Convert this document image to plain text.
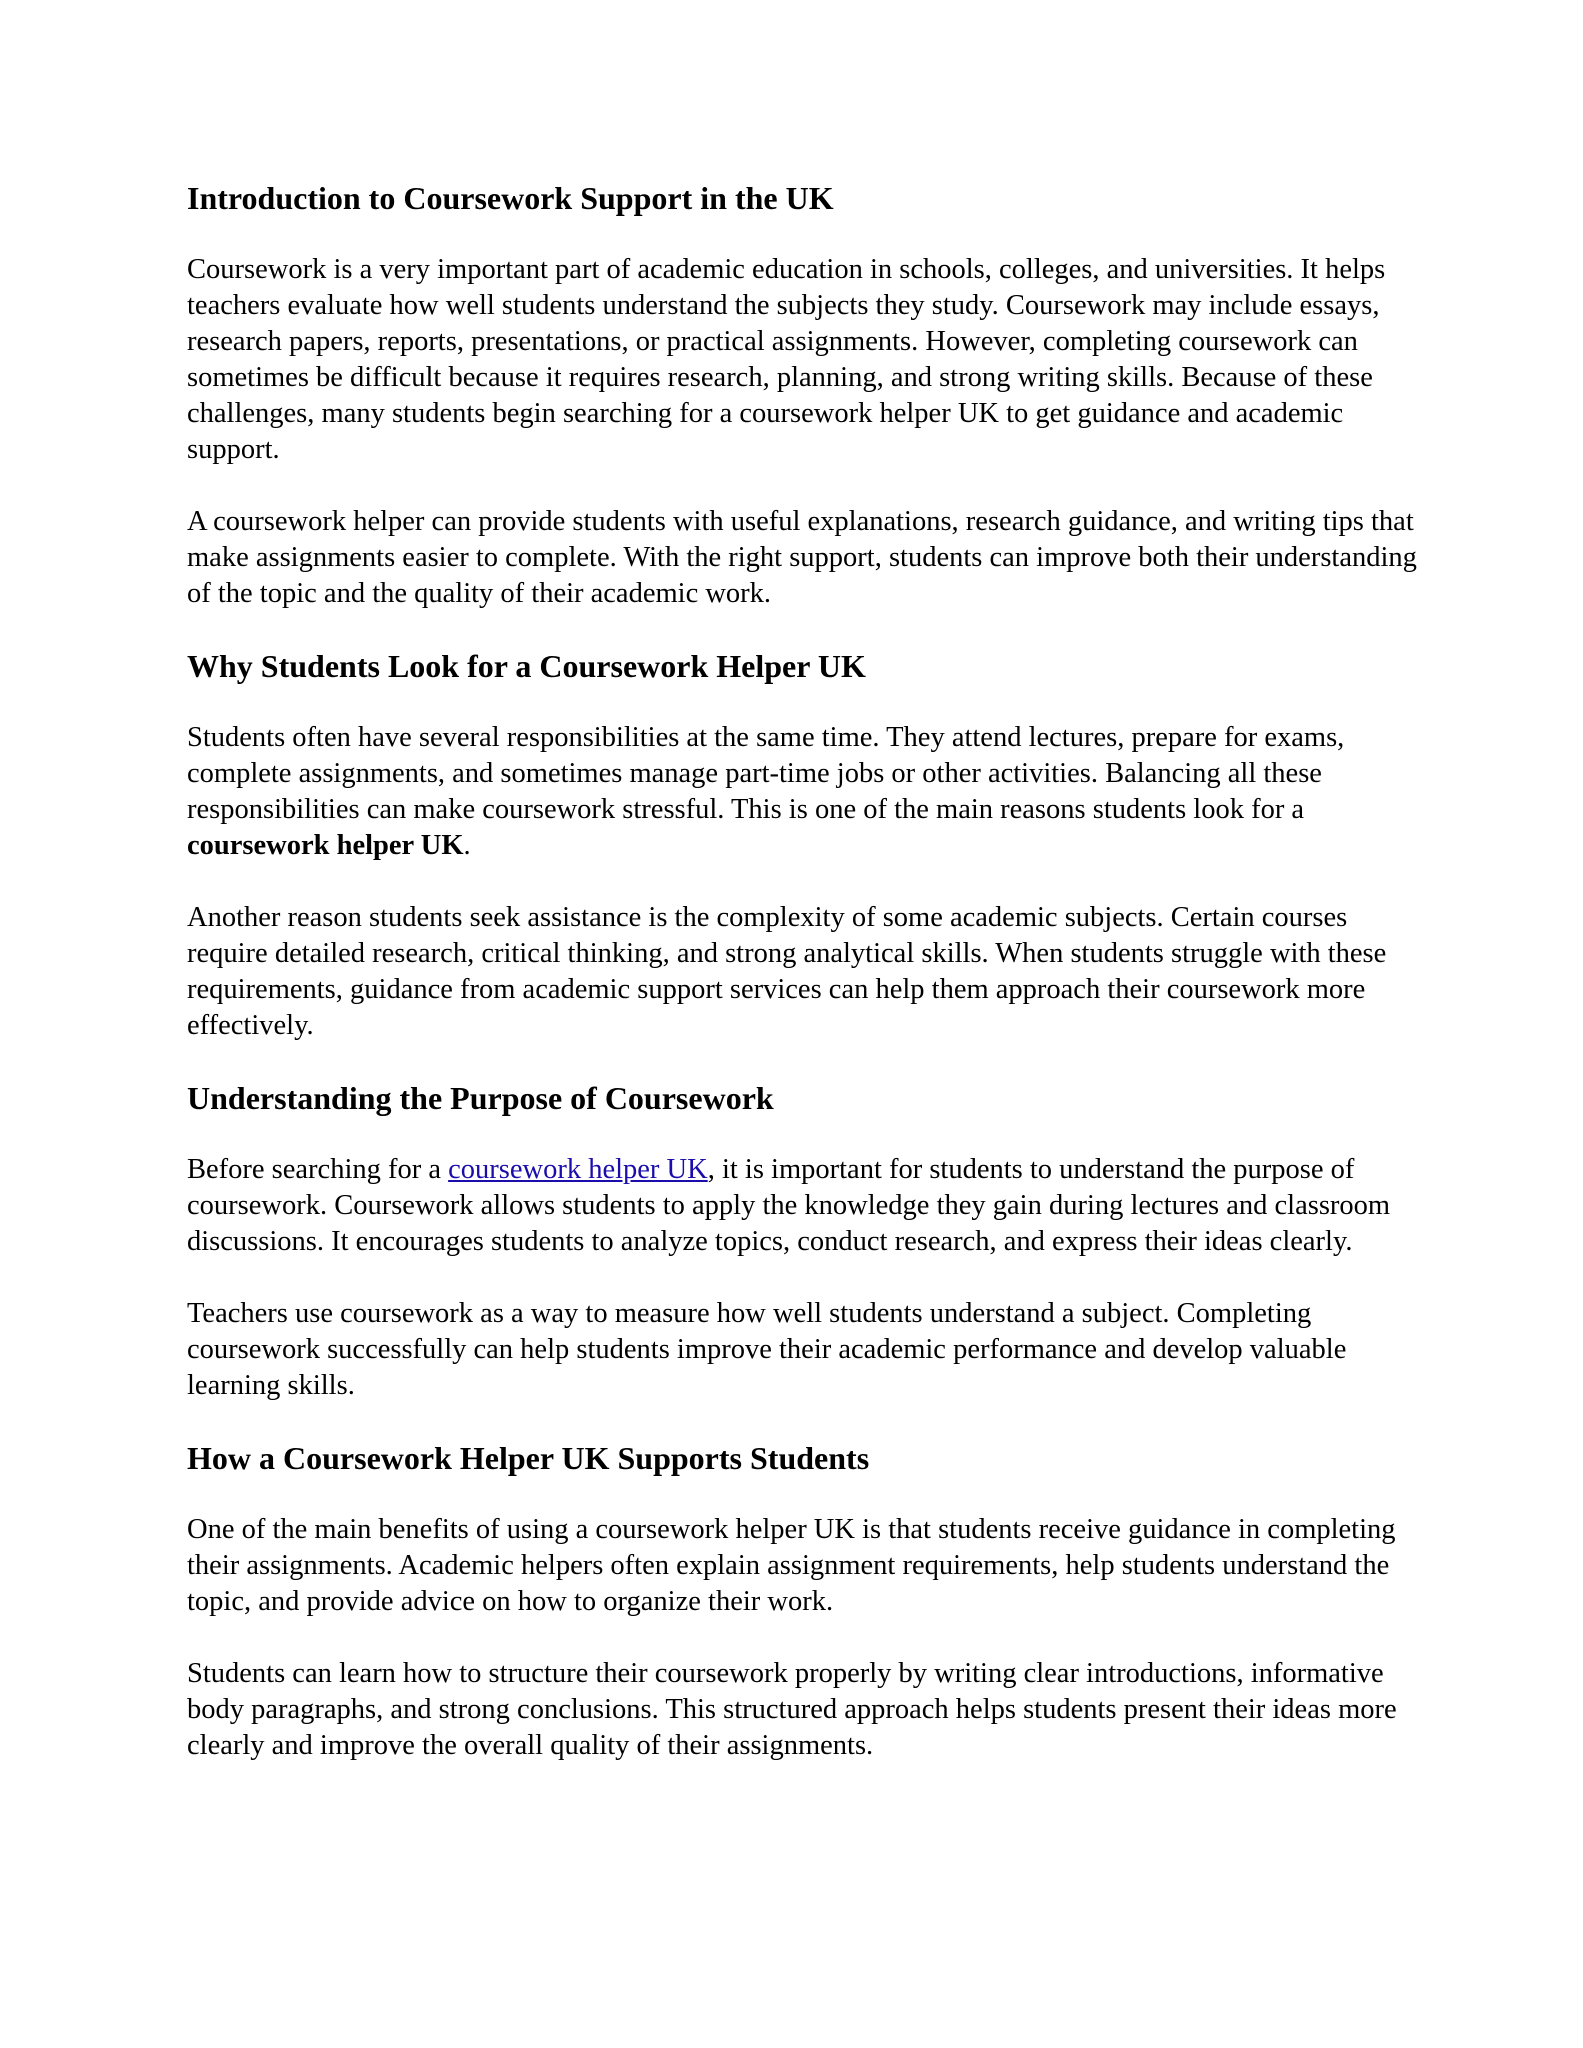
Introduction to Coursework Support in the UK

Coursework is a very important part of academic education in schools, colleges, and universities. It helps teachers evaluate how well students understand the subjects they study. Coursework may include essays, research papers, reports, presentations, or practical assignments. However, completing coursework can sometimes be difficult because it requires research, planning, and strong writing skills. Because of these challenges, many students begin searching for a coursework helper UK to get guidance and academic support.

A coursework helper can provide students with useful explanations, research guidance, and writing tips that make assignments easier to complete. With the right support, students can improve both their understanding of the topic and the quality of their academic work.

Why Students Look for a Coursework Helper UK

Students often have several responsibilities at the same time. They attend lectures, prepare for exams, complete assignments, and sometimes manage part-time jobs or other activities. Balancing all these responsibilities can make coursework stressful. This is one of the main reasons students look for a coursework helper UK.

Another reason students seek assistance is the complexity of some academic subjects. Certain courses require detailed research, critical thinking, and strong analytical skills. When students struggle with these requirements, guidance from academic support services can help them approach their coursework more effectively.

Understanding the Purpose of Coursework

Before searching for a coursework helper UK, it is important for students to understand the purpose of coursework. Coursework allows students to apply the knowledge they gain during lectures and classroom discussions. It encourages students to analyze topics, conduct research, and express their ideas clearly.

Teachers use coursework as a way to measure how well students understand a subject. Completing coursework successfully can help students improve their academic performance and develop valuable learning skills.

How a Coursework Helper UK Supports Students

One of the main benefits of using a coursework helper UK is that students receive guidance in completing their assignments. Academic helpers often explain assignment requirements, help students understand the topic, and provide advice on how to organize their work.

Students can learn how to structure their coursework properly by writing clear introductions, informative body paragraphs, and strong conclusions. This structured approach helps students present their ideas more clearly and improve the overall quality of their assignments.
